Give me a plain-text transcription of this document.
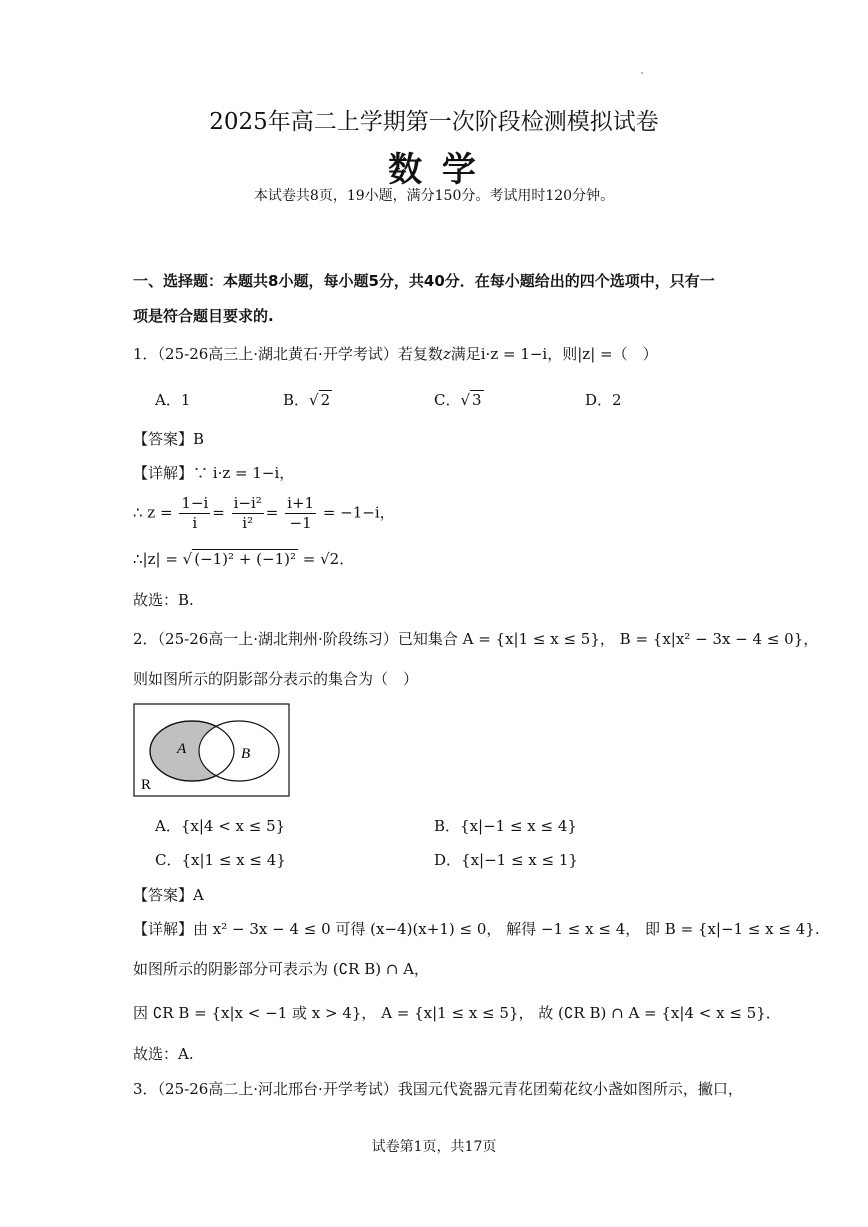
2025年高二上学期第一次阶段检测模拟试卷
数 学
本试卷共8页，19小题，满分150分。考试用时120分钟。
一、选择题：本题共8小题，每小题5分，共40分．在每小题给出的四个选项中，只有一
项是符合题目要求的.
1．（25-26高三上·湖北黄石·开学考试）若复数z满足i·z = 1−i，则|z| =（　）
A．1	B．√ 2	C．√ 3	D．2
【答案】B
【详解】∵ i·z = 1−i，
∴ $z = \frac{1-i}{i} = \frac{\text{i−i²}}{\text{i²}} = \frac{i+1}{-1} = -1-i$，
∴|z| = √ (−1)² + (−1)² = √2．
故选：B.
2．（25-26高一上·湖北荆州·阶段练习）已知集合 A = {x|1 ≤ x ≤ 5}， B = {x|x² − 3x − 4 ≤ 0}，
则如图所示的阴影部分表示的集合为（　）
A	B
R
A．{x|4 < x ≤ 5}	B．{x|−1 ≤ x ≤ 4}
C．{x|1 ≤ x ≤ 4}	D．{x|−1 ≤ x ≤ 1}
【答案】A
【详解】由 x² − 3x − 4 ≤ 0 可得 (x−4)(x+1) ≤ 0， 解得 −1 ≤ x ≤ 4， 即 B = {x|−1 ≤ x ≤ 4}.
如图所示的阴影部分可表示为 (∁R B) ∩ A，
因 ∁R B = {x|x < −1 或 x > 4}， A = {x|1 ≤ x ≤ 5}， 故 (∁R B) ∩ A = {x|4 < x ≤ 5}．
故选：A.
3．（25-26高二上·河北邢台·开学考试）我国元代瓷器元青花团菊花纹小盏如图所示，撇口，
试卷第1页，共17页
